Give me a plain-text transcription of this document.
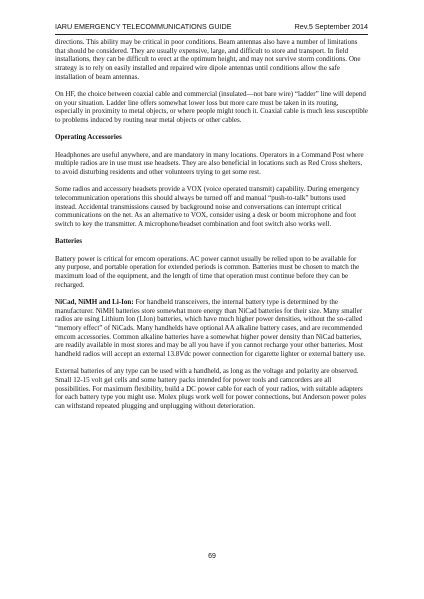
IARU EMERGENCY TELECOMMUNICATIONS GUIDE	Rev.5 September 2014

directions. This ability may be critical in poor conditions. Beam antennas also have a number of limitations that should be considered. They are usually expensive, large, and difficult to store and transport. In field installations, they can be difficult to erect at the optimum height, and may not survive storm conditions. One strategy is to rely on easily installed and repaired wire dipole antennas until conditions allow the safe installation of beam antennas.

On HF, the choice between coaxial cable and commercial (insulated—not bare wire) “ladder” line will depend on your situation. Ladder line offers somewhat lower loss but more care must be taken in its routing, especially in proximity to metal objects, or where people might touch it. Coaxial cable is much less susceptible to problems induced by routing near metal objects or other cables.

Operating Accessories

Headphones are useful anywhere, and are mandatory in many locations. Operators in a Command Post where multiple radios are in use must use headsets. They are also beneficial in locations such as Red Cross shelters, to avoid disturbing residents and other volunteers trying to get some rest.

Some radios and accessory headsets provide a VOX (voice operated transmit) capability. During emergency telecommunication operations this should always be turned off and manual “push-to-talk” buttons used instead. Accidental transmissions caused by background noise and conversations can interrupt critical communications on the net. As an alternative to VOX, consider using a desk or boom microphone and foot switch to key the transmitter. A microphone/headset combination and foot switch also works well.

Batteries

Battery power is critical for emcom operations. AC power cannot usually be relied upon to be available for any purpose, and portable operation for extended periods is common. Batteries must be chosen to match the maximum load of the equipment, and the length of time that operation must continue before they can be recharged.

NiCad, NiMH and Li-Ion: For handheld transceivers, the internal battery type is determined by the manufacturer. NiMH batteries store somewhat more energy than NiCad batteries for their size. Many smaller radios are using Lithium Ion (LIon) batteries, which have much higher power densities, without the so-called “memory effect” of NiCads. Many handhelds have optional AA alkaline battery cases, and are recommended emcom accessories. Common alkaline batteries have a somewhat higher power density than NiCad batteries, are readily available in most stores and may be all you have if you cannot recharge your other batteries. Most handheld radios will accept an external 13.8Vdc power connection for cigarette lighter or external battery use.

External batteries of any type can be used with a handheld, as long as the voltage and polarity are observed. Small 12-15 volt gel cells and some battery packs intended for power tools and camcorders are all possibilities. For maximum flexibility, build a DC power cable for each of your radios, with suitable adapters for each battery type you might use. Molex plugs work well for power connections, but Anderson power poles can withstand repeated plugging and unplugging without deterioration.

69
